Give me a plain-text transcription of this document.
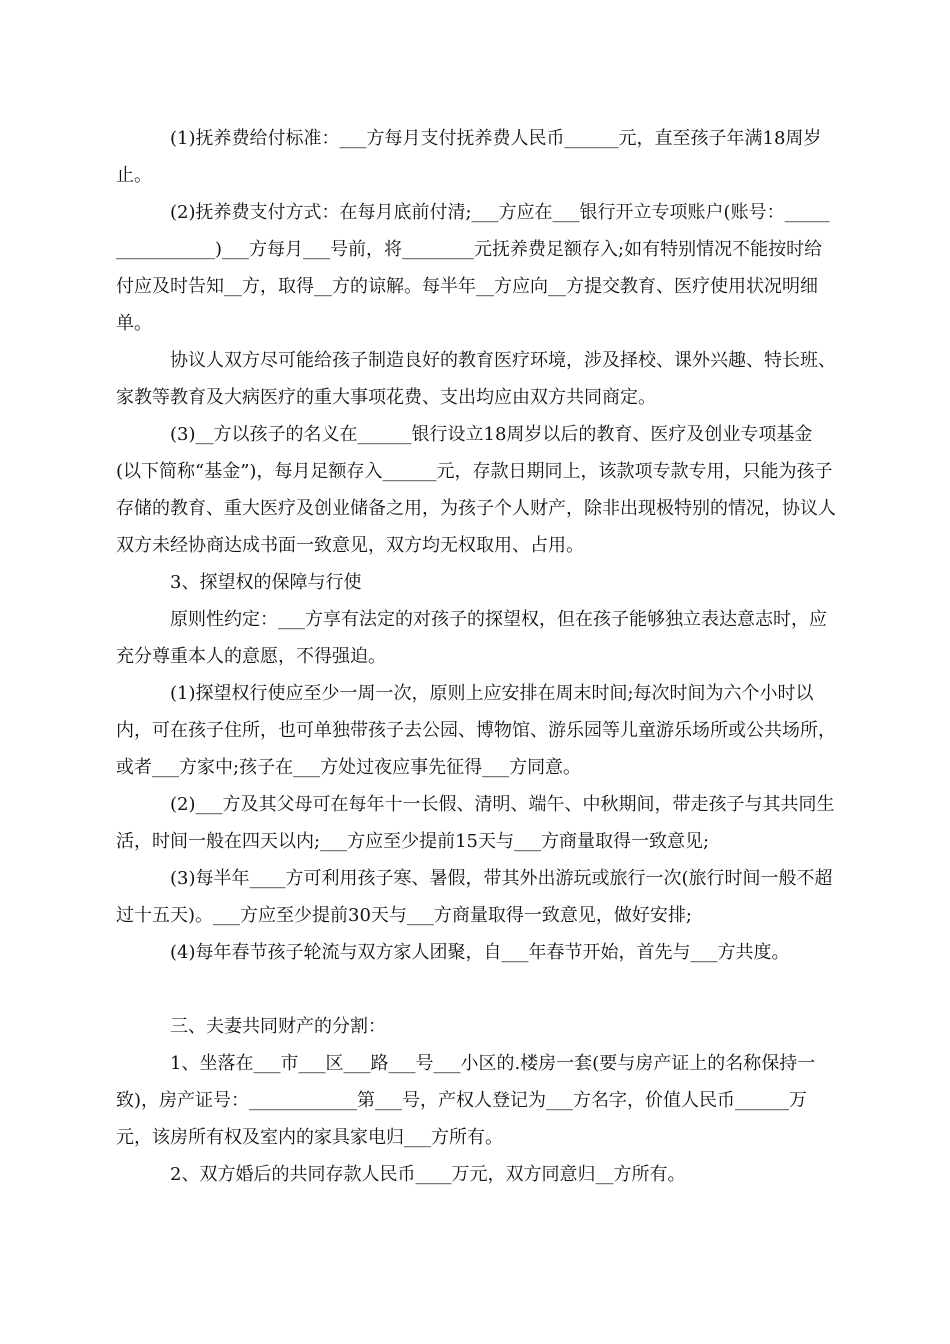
(1)抚养费给付标准：___方每月支付抚养费人民币______元，直至孩子年满18周岁止。

(2)抚养费支付方式：在每月底前付清;___方应在___银行开立专项账户(账号：________________)___方每月___号前，将________元抚养费足额存入;如有特别情况不能按时给付应及时告知__方，取得__方的谅解。每半年__方应向__方提交教育、医疗使用状况明细单。

协议人双方尽可能给孩子制造良好的教育医疗环境，涉及择校、课外兴趣、特长班、家教等教育及大病医疗的重大事项花费、支出均应由双方共同商定。

(3)__方以孩子的名义在______银行设立18周岁以后的教育、医疗及创业专项基金(以下简称“基金”)，每月足额存入______元，存款日期同上，该款项专款专用，只能为孩子存储的教育、重大医疗及创业储备之用，为孩子个人财产，除非出现极特别的情况，协议人双方未经协商达成书面一致意见，双方均无权取用、占用。

3、探望权的保障与行使

原则性约定：___方享有法定的对孩子的探望权，但在孩子能够独立表达意志时，应充分尊重本人的意愿，不得强迫。

(1)探望权行使应至少一周一次，原则上应安排在周末时间;每次时间为六个小时以内，可在孩子住所，也可单独带孩子去公园、博物馆、游乐园等儿童游乐场所或公共场所，或者___方家中;孩子在___方处过夜应事先征得___方同意。

(2)___方及其父母可在每年十一长假、清明、端午、中秋期间，带走孩子与其共同生活，时间一般在四天以内;___方应至少提前15天与___方商量取得一致意见;

(3)每半年____方可利用孩子寒、暑假，带其外出游玩或旅行一次(旅行时间一般不超过十五天)。___方应至少提前30天与___方商量取得一致意见，做好安排;

(4)每年春节孩子轮流与双方家人团聚，自___年春节开始，首先与___方共度。

三、夫妻共同财产的分割：

1、坐落在___市___区___路___号___小区的.楼房一套(要与房产证上的名称保持一致)，房产证号：____________第___号，产权人登记为___方名字，价值人民币______万元，该房所有权及室内的家具家电归___方所有。

2、双方婚后的共同存款人民币____万元，双方同意归__方所有。
